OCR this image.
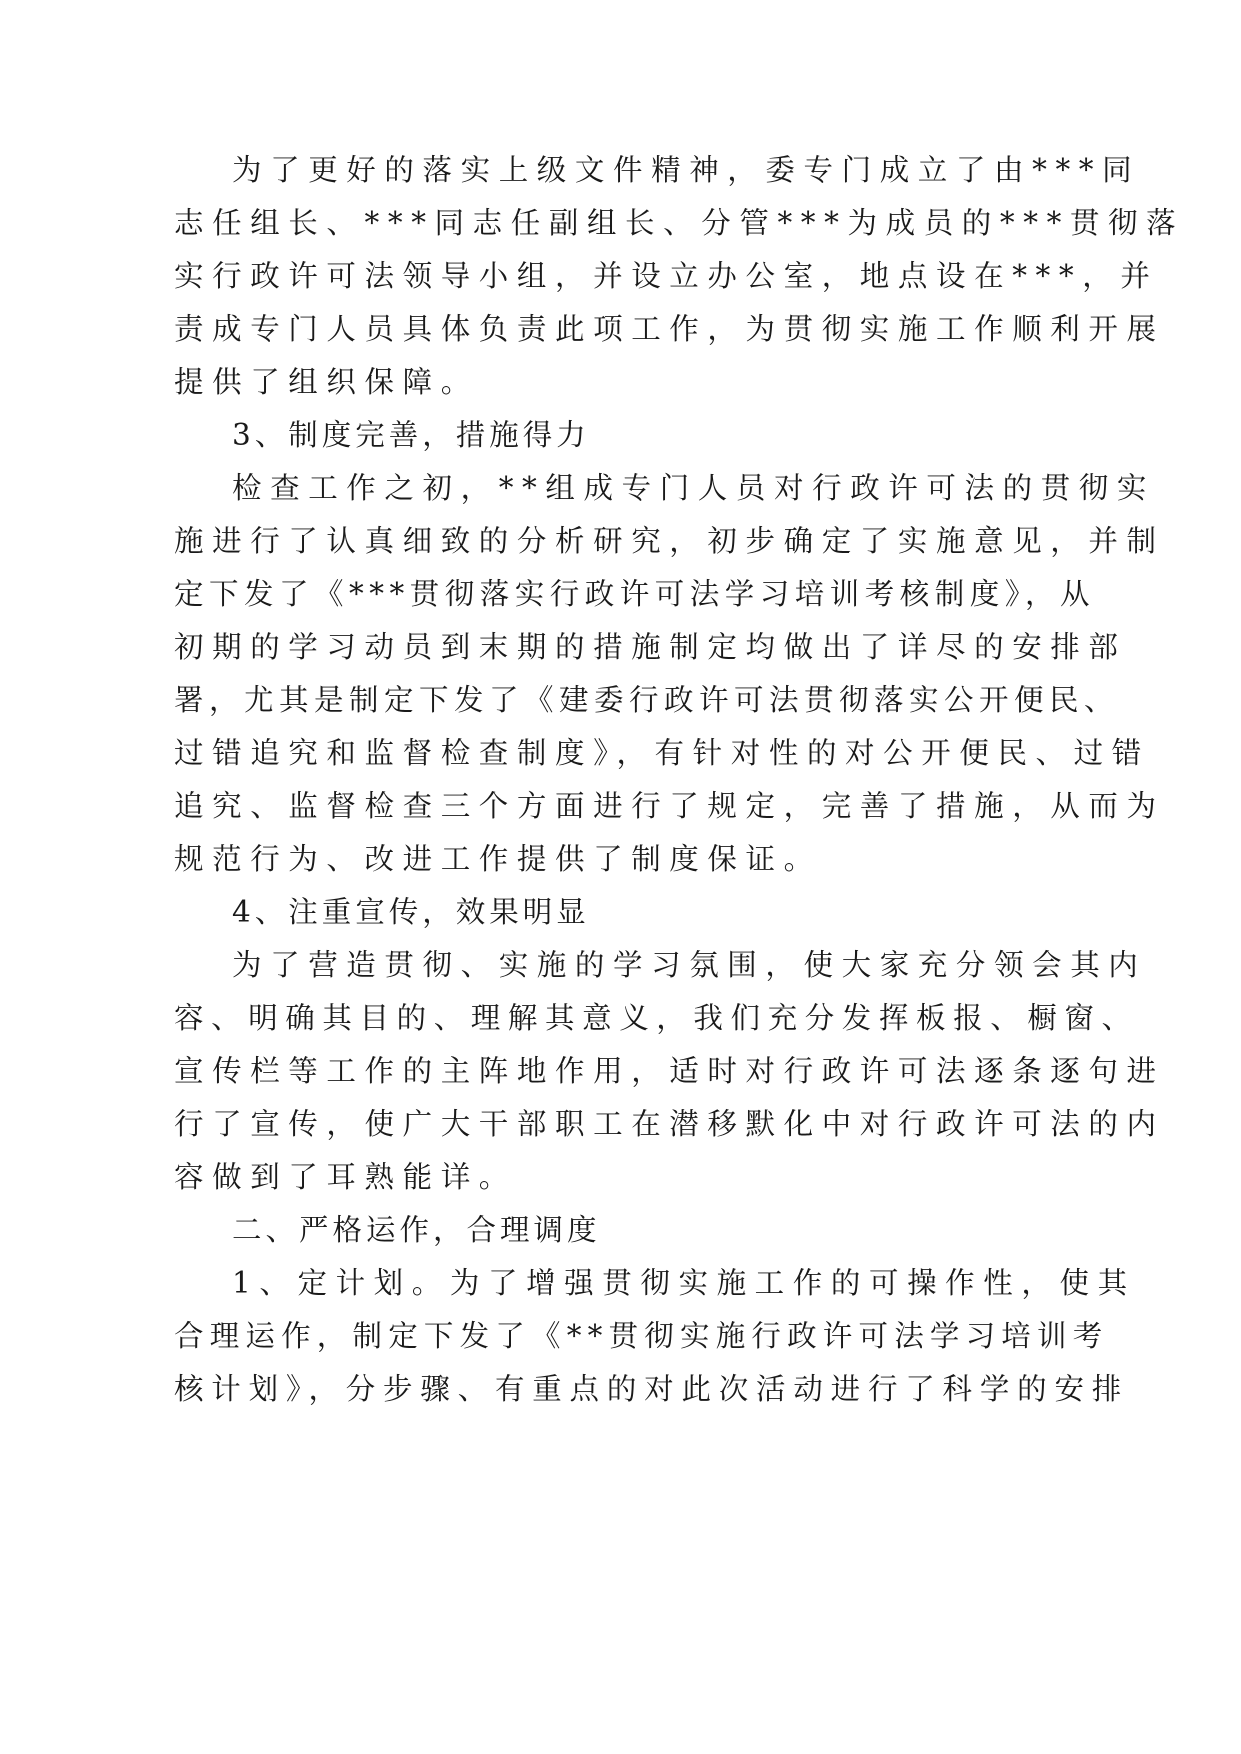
为了更好的落实上级文件精神，委专门成立了由***同
志任组长、***同志任副组长、分管***为成员的***贯彻落
实行政许可法领导小组，并设立办公室，地点设在***，并
责成专门人员具体负责此项工作，为贯彻实施工作顺利开展
提供了组织保障。
3、制度完善，措施得力
检查工作之初，**组成专门人员对行政许可法的贯彻实
施进行了认真细致的分析研究，初步确定了实施意见，并制
定下发了《***贯彻落实行政许可法学习培训考核制度》，从
初期的学习动员到末期的措施制定均做出了详尽的安排部
署，尤其是制定下发了《建委行政许可法贯彻落实公开便民、
过错追究和监督检查制度》，有针对性的对公开便民、过错
追究、监督检查三个方面进行了规定，完善了措施，从而为
规范行为、改进工作提供了制度保证。
4、注重宣传，效果明显
为了营造贯彻、实施的学习氛围，使大家充分领会其内
容、明确其目的、理解其意义，我们充分发挥板报、橱窗、
宣传栏等工作的主阵地作用，适时对行政许可法逐条逐句进
行了宣传，使广大干部职工在潜移默化中对行政许可法的内
容做到了耳熟能详。
二、严格运作，合理调度
1、定计划。为了增强贯彻实施工作的可操作性，使其
合理运作，制定下发了《**贯彻实施行政许可法学习培训考
核计划》，分步骤、有重点的对此次活动进行了科学的安排
